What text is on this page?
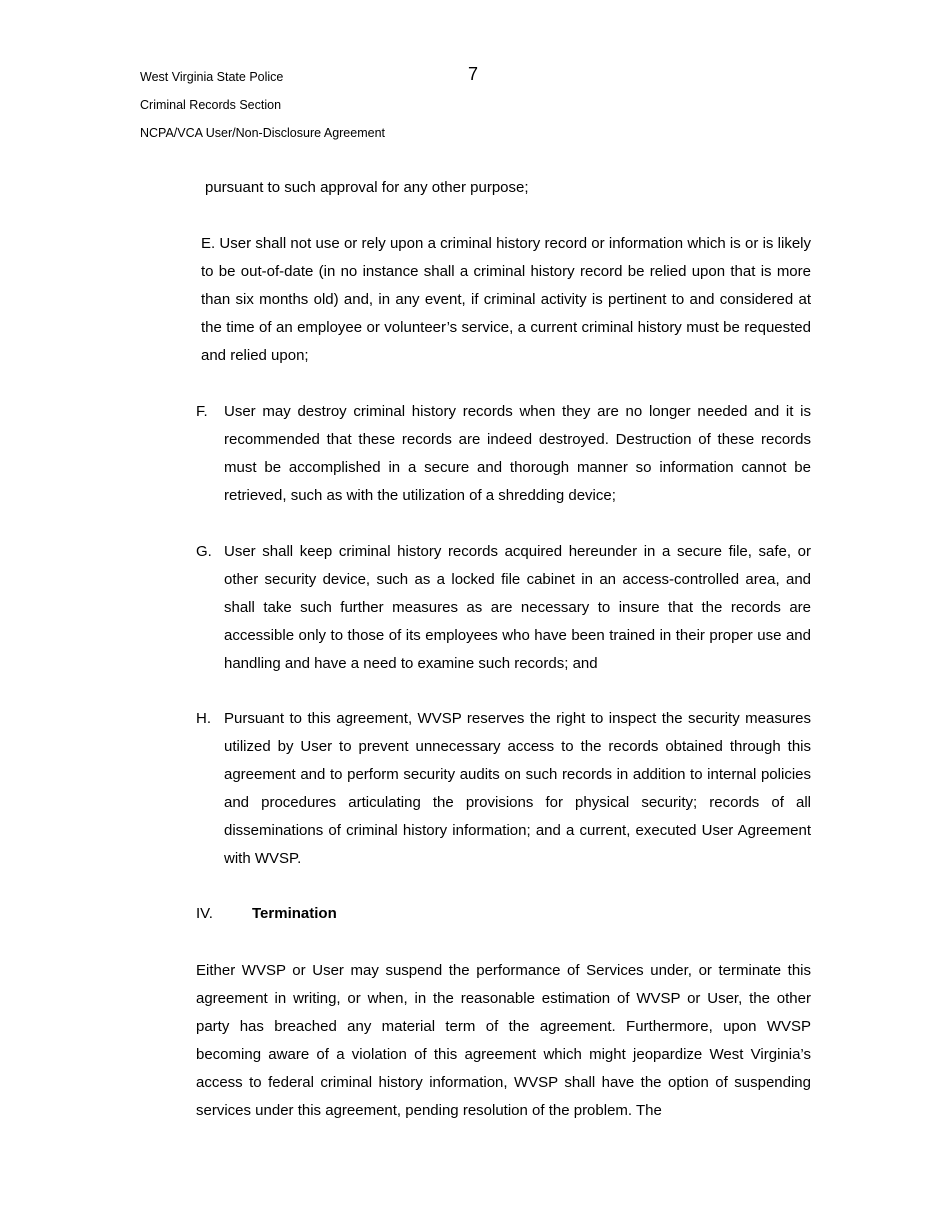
West Virginia State Police
Criminal Records Section
NCPA/VCA User/Non-Disclosure Agreement
7
pursuant to such approval for any other purpose;
E. User shall not use or rely upon a criminal history record or information which is or is likely to be out-of-date (in no instance shall a criminal history record be relied upon that is more than six months old) and, in any event, if criminal activity is pertinent to and considered at the time of an employee or volunteer’s service, a current criminal history must be requested and relied upon;
F. User may destroy criminal history records when they are no longer needed and it is recommended that these records are indeed destroyed. Destruction of these records must be accomplished in a secure and thorough manner so information cannot be retrieved, such as with the utilization of a shredding device;
G. User shall keep criminal history records acquired hereunder in a secure file, safe, or other security device, such as a locked file cabinet in an access-controlled area, and shall take such further measures as are necessary to insure that the records are accessible only to those of its employees who have been trained in their proper use and handling and have a need to examine such records; and
H. Pursuant to this agreement, WVSP reserves the right to inspect the security measures utilized by User to prevent unnecessary access to the records obtained through this agreement and to perform security audits on such records in addition to internal policies and procedures articulating the provisions for physical security; records of all disseminations of criminal history information; and a current, executed User Agreement with WVSP.
IV.	Termination
Either WVSP or User may suspend the performance of Services under, or terminate this agreement in writing, or when, in the reasonable estimation of WVSP or User, the other party has breached any material term of the agreement. Furthermore, upon WVSP becoming aware of a violation of this agreement which might jeopardize West Virginia’s access to federal criminal history information, WVSP shall have the option of suspending services under this agreement, pending resolution of the problem. The
